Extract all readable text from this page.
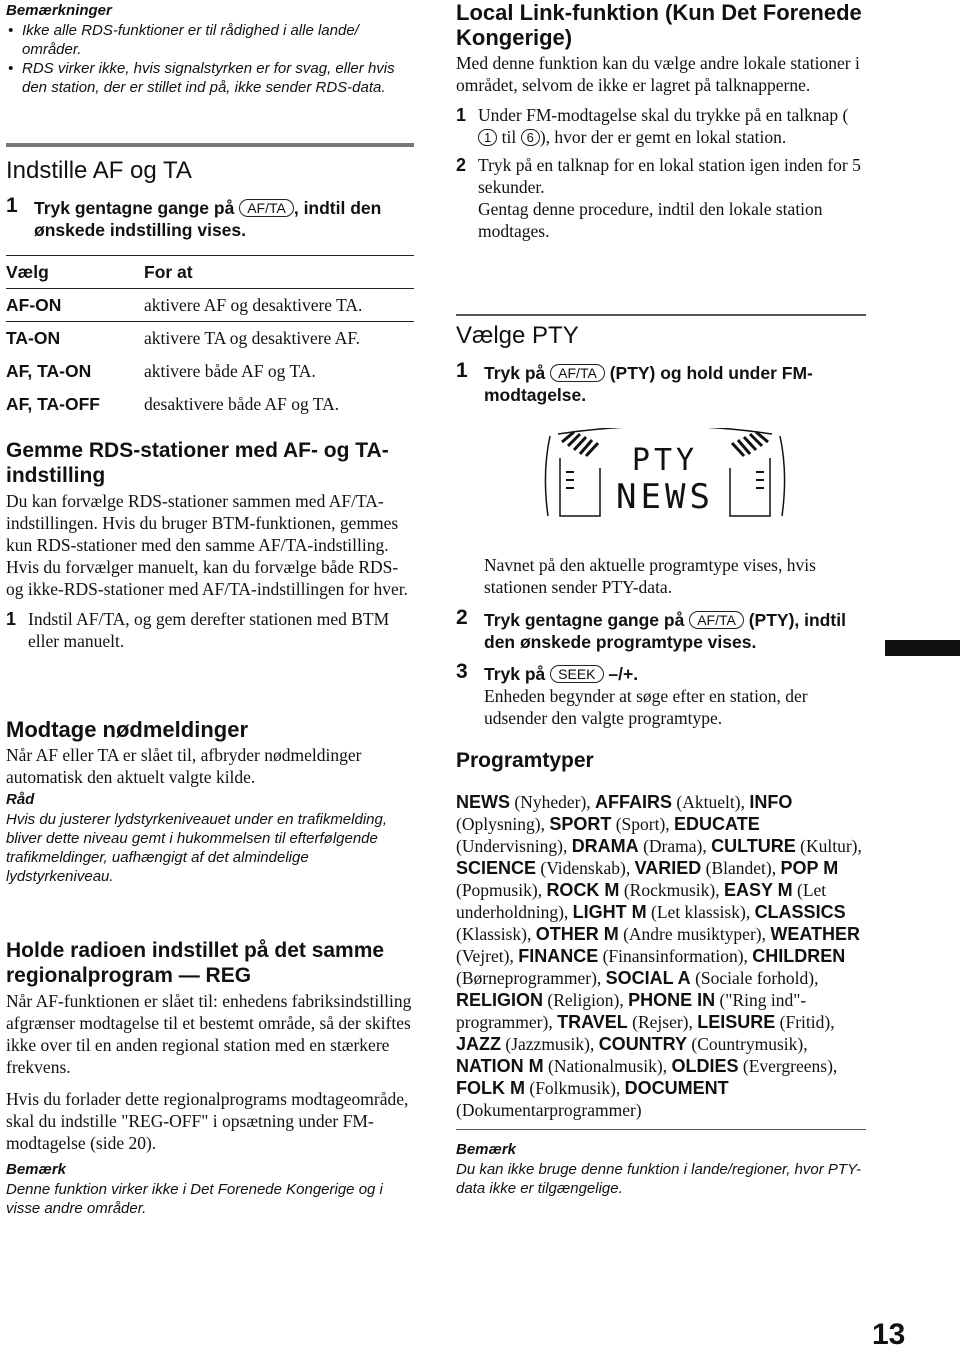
Bemærkninger
• Ikke alle RDS-funktioner er til rådighed i alle lande/ områder.
• RDS virker ikke, hvis signalstyrken er for svag, eller hvis den station, der er stillet ind på, ikke sender RDS-data.
Indstille AF og TA
1 Tryk gentagne gange på AF/TA , indtil den ønskede indstilling vises.
Vælg	For at
AF-ON	aktivere AF og desaktivere TA.
TA-ON	aktivere TA og desaktivere AF.
AF, TA-ON	aktivere både AF og TA.
AF, TA-OFF	desaktivere både AF og TA.
Gemme RDS-stationer med AF- og TA-indstilling
Du kan forvælge RDS-stationer sammen med AF/TA-indstillingen. Hvis du bruger BTM-funktionen, gemmes kun RDS-stationer med den samme AF/TA-indstilling.
Hvis du forvælger manuelt, kan du forvælge både RDS- og ikke-RDS-stationer med AF/TA-indstillingen for hver.
1 Indstil AF/TA, og gem derefter stationen med BTM eller manuelt.
Modtage nødmeldinger
Når AF eller TA er slået til, afbryder nødmeldinger automatisk den aktuelt valgte kilde.
Råd
Hvis du justerer lydstyrkeniveauet under en trafikmelding, bliver dette niveau gemt i hukommelsen til efterfølgende trafikmeldinger, uafhængigt af det almindelige lydstyrkeniveau.
Holde radioen indstillet på det samme regionalprogram — REG
Når AF-funktionen er slået til: enhedens fabriksindstilling afgrænser modtagelse til et bestemt område, så der skiftes ikke over til en anden regional station med en stærkere frekvens.
Hvis du forlader dette regionalprograms modtageområde, skal du indstille "REG-OFF" i opsætning under FM-modtagelse (side 20).
Bemærk
Denne funktion virker ikke i Det Forenede Kongerige og i visse andre områder.
Local Link-funktion (Kun Det Forenede Kongerige)
Med denne funktion kan du vælge andre lokale stationer i området, selvom de ikke er lagret på talknapperne.
1 Under FM-modtagelse skal du trykke på en talknap (1 til 6 ), hvor der er gemt en lokal station.
2 Tryk på en talknap for en lokal station igen inden for 5 sekunder.
Gentag denne procedure, indtil den lokale station modtages.
Vælge PTY
1 Tryk på AF/TA (PTY) og hold under FM-modtagelse.
PTY
NEWS
Navnet på den aktuelle programtype vises, hvis stationen sender PTY-data.
2 Tryk gentagne gange på AF/TA (PTY), indtil den ønskede programtype vises.
3 Tryk på SEEK –/+.
Enheden begynder at søge efter en station, der udsender den valgte programtype.
Programtyper
NEWS (Nyheder), AFFAIRS (Aktuelt), INFO (Oplysning), SPORT (Sport), EDUCATE (Undervisning), DRAMA (Drama), CULTURE (Kultur), SCIENCE (Videnskab), VARIED (Blandet), POP M (Popmusik), ROCK M (Rockmusik), EASY M (Let underholdning), LIGHT M (Let klassisk), CLASSICS (Klassisk), OTHER M (Andre musiktyper), WEATHER (Vejret), FINANCE (Finansinformation), CHILDREN (Børneprogrammer), SOCIAL A (Sociale forhold), RELIGION (Religion), PHONE IN ("Ring ind"-programmer), TRAVEL (Rejser), LEISURE (Fritid), JAZZ (Jazzmusik), COUNTRY (Countrymusik), NATION M (Nationalmusik), OLDIES (Evergreens), FOLK M (Folkmusik), DOCUMENT (Dokumentarprogrammer)
Bemærk
Du kan ikke bruge denne funktion i lande/regioner, hvor PTY-data ikke er tilgængelige.
13
